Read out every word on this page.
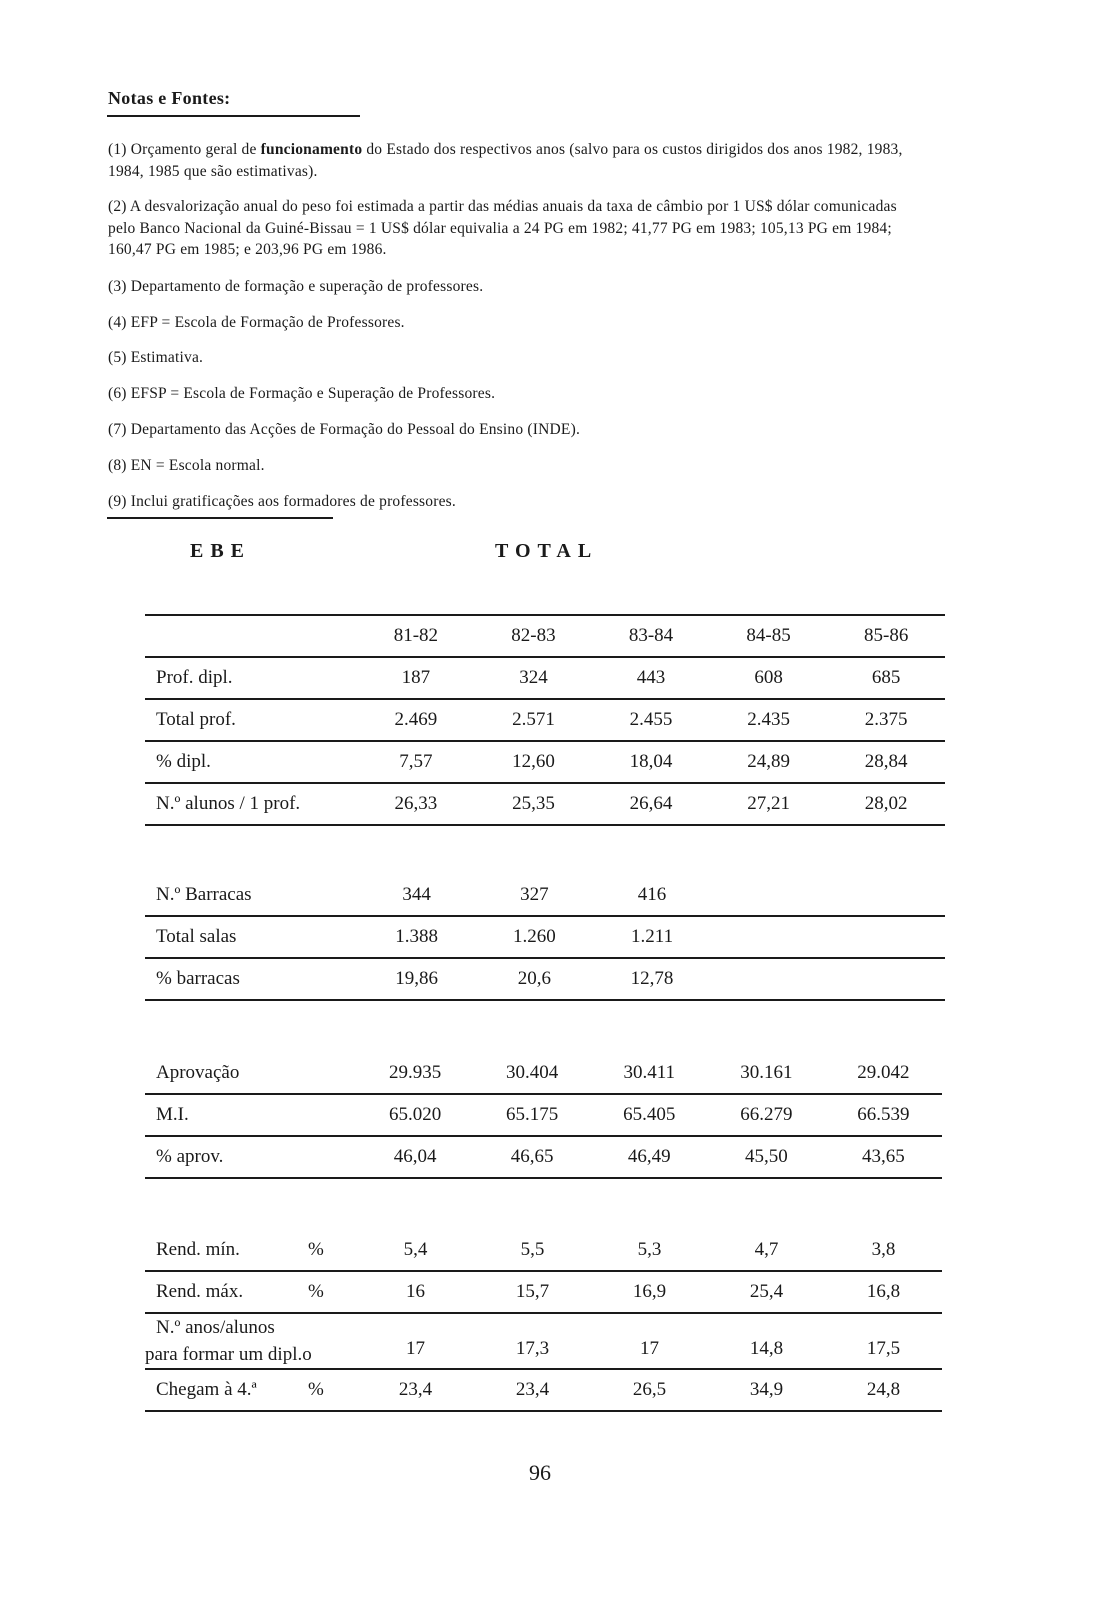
Notas e Fontes:
(1) Orçamento geral de funcionamento do Estado dos respectivos anos (salvo para os custos dirigidos dos anos 1982, 1983, 1984, 1985 que são estimativas).
(2) A desvalorização anual do peso foi estimada a partir das médias anuais da taxa de câmbio por 1 US$ dólar comunicadas pelo Banco Nacional da Guiné-Bissau = 1 US$ dólar equivalia a 24 PG em 1982; 41,77 PG em 1983; 105,13 PG em 1984; 160,47 PG em 1985; e 203,96 PG em 1986.
(3) Departamento de formação e superação de professores.
(4) EFP = Escola de Formação de Professores.
(5) Estimativa.
(6) EFSP = Escola de Formação e Superação de Professores.
(7) Departamento das Acções de Formação do Pessoal do Ensino (INDE).
(8) EN = Escola normal.
(9) Inclui gratificações aos formadores de professores.
EBE	TOTAL
	81-82	82-83	83-84	84-85	85-86
Prof. dipl.	187	324	443	608	685
Total prof.	2.469	2.571	2.455	2.435	2.375
% dipl.	7,57	12,60	18,04	24,89	28,84
N.º alunos / 1 prof.	26,33	25,35	26,64	27,21	28,02
N.º Barracas	344	327	416		
Total salas	1.388	1.260	1.211		
% barracas	19,86	20,6	12,78		
Aprovação	29.935	30.404	30.411	30.161	29.042
M.I.	65.020	65.175	65.405	66.279	66.539
% aprov.	46,04	46,65	46,49	45,50	43,65
Rend. mín. %	5,4	5,5	5,3	4,7	3,8
Rend. máx. %	16	15,7	16,9	25,4	16,8
N.º anos/alunos
para formar um dipl.o	17	17,3	17	14,8	17,5
Chegam à 4.ª %	23,4	23,4	26,5	34,9	24,8
96
